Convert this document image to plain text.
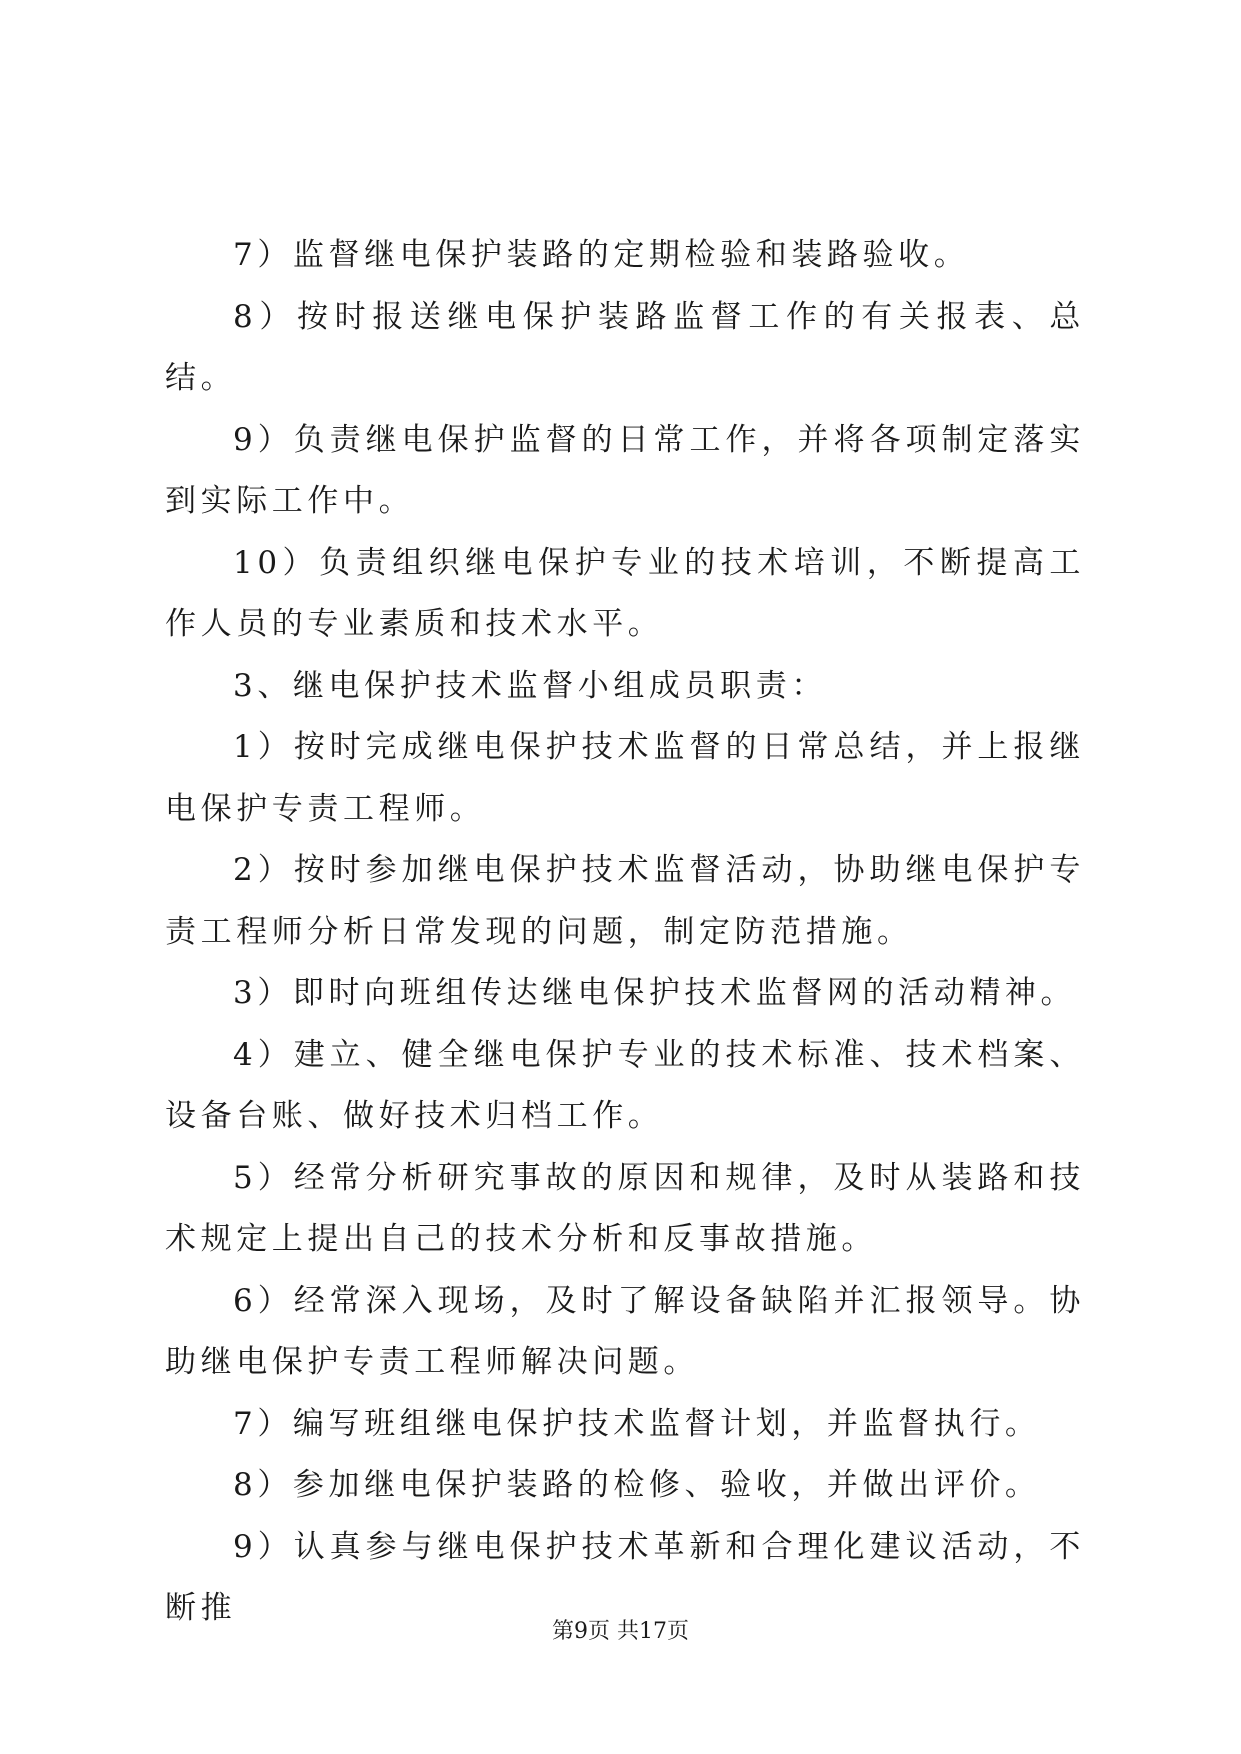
7）监督继电保护装路的定期检验和装路验收。

8）按时报送继电保护装路监督工作的有关报表、总结。

9）负责继电保护监督的日常工作，并将各项制定落实到实际工作中。

10）负责组织继电保护专业的技术培训，不断提高工作人员的专业素质和技术水平。

3、继电保护技术监督小组成员职责：

1）按时完成继电保护技术监督的日常总结，并上报继电保护专责工程师。

2）按时参加继电保护技术监督活动，协助继电保护专责工程师分析日常发现的问题，制定防范措施。

3）即时向班组传达继电保护技术监督网的活动精神。

4）建立、健全继电保护专业的技术标准、技术档案、设备台账、做好技术归档工作。

5）经常分析研究事故的原因和规律，及时从装路和技术规定上提出自己的技术分析和反事故措施。

6）经常深入现场，及时了解设备缺陷并汇报领导。协助继电保护专责工程师解决问题。

7）编写班组继电保护技术监督计划，并监督执行。

8）参加继电保护装路的检修、验收，并做出评价。

9）认真参与继电保护技术革新和合理化建议活动，不断推

第9页 共17页
